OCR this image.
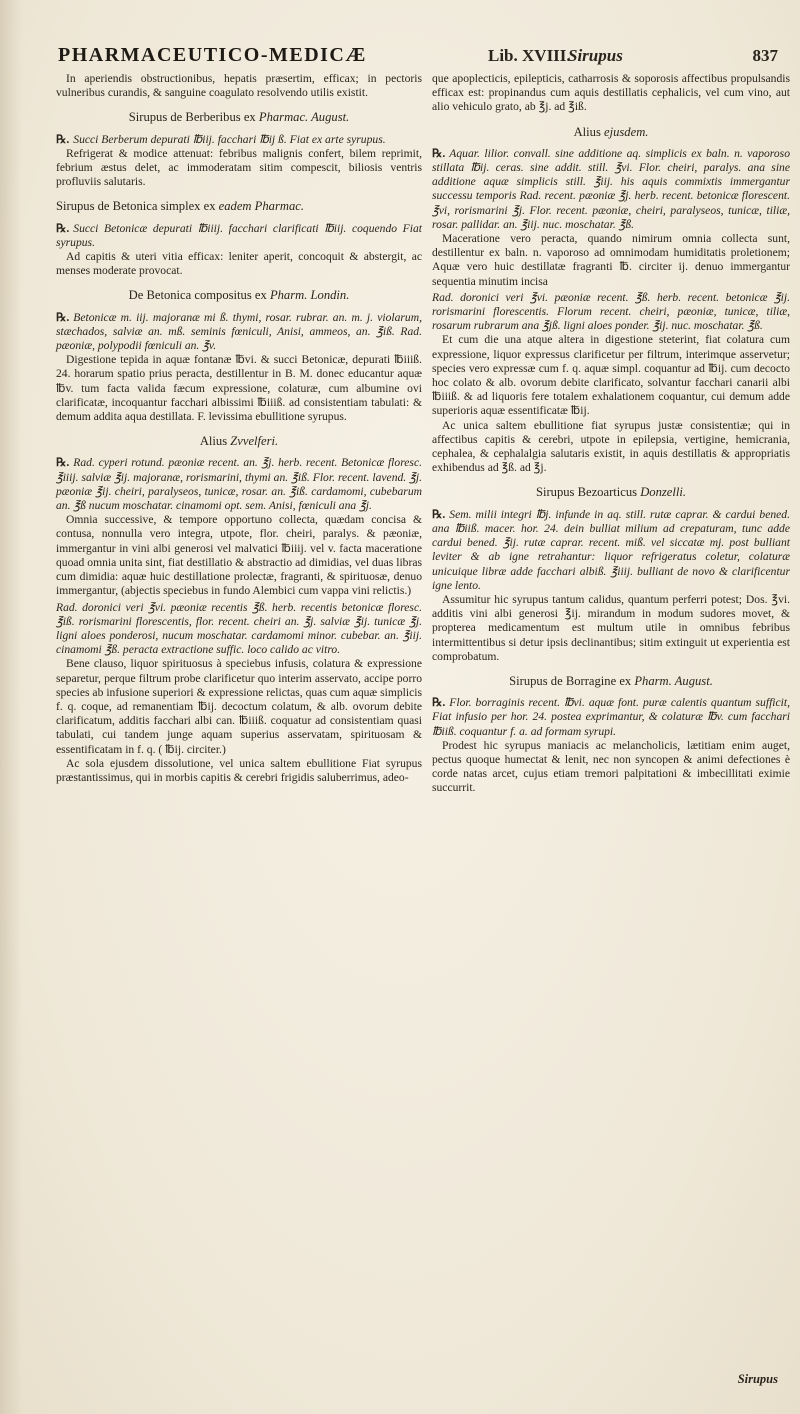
PHARMACEUTICO-MEDICÆ	Lib. XVIII.
Sirupus	837

In aperiendis obstructionibus, hepatis præsertim, efficax; in pectoris vulneribus curandis, & sanguine coagulato resolvendo utilis existit.

Sirupus de Berberibus ex Pharmac. August.

℞. Succi Berberum depurati ℔iij. facchari ℔ij ß. Fiat ex arte syrupus.

Refrigerat & modice attenuat: febribus malignis confert, bilem reprimit, febrium æstus delet, ac immoderatam sitim compescit, biliosis ventris profluviis salutaris.

Sirupus de Betonica simplex ex eadem Pharmac.

℞. Succi Betonicæ depurati ℔iiij. facchari clarificati ℔iij. coquendo Fiat syrupus.

Ad capitis & uteri vitia efficax: leniter aperit, concoquit & abstergit, ac menses moderate provocat.

De Betonica compositus ex Pharm. Londin.

℞. Betonicæ m. iij. majoranæ mi ß. thymi, rosar. rubrar. an. m. j. violarum, stæchados, salviæ an. mß. seminis fœniculi, Anisi, ammeos, an. ℥iß. Rad. pæoniæ, polypodii fœniculi an. ℥v.

Digestione tepida in aquæ fontanæ ℔vi. & succi Betonicæ, depurati ℔iiiß. 24. horarum spatio prius peracta, destillentur in B. M. donec educantur aquæ ℔v. tum facta valida fæcum expressione, colaturæ, cum albumine ovi clarificatæ, incoquantur facchari albissimi ℔iiiß. ad consistentiam tabulati: & demum addita aqua destillata. F. levissima ebullitione syrupus.

Alius Zvvelferi.

℞. Rad. cyperi rotund. pæoniæ recent. an. ℥j. herb. recent. Betonicæ floresc. ℥iiij. salviæ ℥ij. majoranæ, rorismarini, thymi an. ℥iß. Flor. recent. lavend. ℥j. pæoniæ ℥ij. cheiri, paralyseos, tunicæ, rosar. an. ℥iß. cardamomi, cubebarum an. ℥ß nucum moschatar. cinamomi opt. sem. Anisi, fœniculi ana ℥j.

Omnia successive, & tempore opportuno collecta, quædam concisa & contusa, nonnulla vero integra, utpote, flor. cheiri, paralys. & pæoniæ, immergantur in vini albi generosi vel malvatici ℔iiij. vel v. facta maceratione quoad omnia unita sint, fiat destillatio & abstractio ad dimidias, vel duas libras cum dimidia: aquæ huic destillatione prolectæ, fragranti, & spirituosæ, denuo immergantur, (abjectis speciebus in fundo Alembici cum vappa vini relictis.)

Rad. doronici veri ℥vi. pæoniæ recentis ℥ß. herb. recentis betonicæ floresc. ℥iß. rorismarini florescentis, flor. recent. cheiri an. ℥j. salviæ ℥ij. tunicæ ℥j. ligni aloes ponderosi, nucum moschatar. cardamomi minor. cubebar. an. ℥iij. cinamomi ℥ß. peracta extractione suffic. loco calido ac vitro.

Bene clauso, liquor spirituosus à speciebus infusis, colatura & expressione separetur, perque filtrum probe clarificetur quo interim asservato, accipe porro species ab infusione superiori & expressione relictas, quas cum aquæ simplicis f. q. coque, ad remanentiam ℔ij. decoctum colatum, & alb. ovorum debite clarificatum, additis facchari albi can. ℔iiiß. coquatur ad consistentiam quasi tabulati, cui tandem junge aquam superius asservatam, spirituosam & essentificatam in f. q. ( ℔ij. circiter.)

Ac sola ejusdem dissolutione, vel unica saltem ebullitione Fiat syrupus præstantissimus, qui in morbis capitis & cerebri frigidis saluberrimus, adeo-

que apoplecticis, epilepticis, catharrosis & soporosis affectibus propulsandis efficax est: propinandus cum aquis destillatis cephalicis, vel cum vino, aut alio vehiculo grato, ab ℥j. ad ℥iß.

Alius ejusdem.

℞. Aquar. lilior. convall. sine additione aq. simplicis ex baln. n. vaporoso stillata ℔ij. ceras. sine addit. still. ℥vi. Flor. cheiri, paralys. ana sine additione aquæ simplicis still. ℥iij. his aquis commixtis immergantur successu temporis Rad. recent. pæoniæ ℥j. herb. recent. betonicæ florescent. ℥vi, rorismarini ℥j. Flor. recent. pæoniæ, cheiri, paralyseos, tunicæ, tiliæ, rosar. pallidar. an. ℥iij. nuc. moschatar. ℥ß.

Maceratione vero peracta, quando nimirum omnia collecta sunt, destillentur ex baln. n. vaporoso ad omnimodam humiditatis proletionem; Aquæ vero huic destillatæ fragranti ℔. circiter ij. denuo immergantur sequentia minutim incisa

Rad. doronici veri ℥vi. pæoniæ recent. ℥ß. herb. recent. betonicæ ℥ij. rorismarini florescentis. Florum recent. cheiri, pæoniæ, tunicæ, tiliæ, rosarum rubrarum ana ℥jß. ligni aloes ponder. ℥ij. nuc. moschatar. ℥ß.

Et cum die una atque altera in digestione steterint, fiat colatura cum expressione, liquor expressus clarificetur per filtrum, interimque asservetur; species vero expressæ cum f. q. aquæ simpl. coquantur ad ℔ij. cum decocto hoc colato & alb. ovorum debite clarificato, solvantur facchari canarii albi ℔iiiß. & ad liquoris fere totalem exhalationem coquantur, cui demum adde superioris aquæ essentificatæ ℔ij.

Ac unica saltem ebullitione fiat syrupus justæ consistentiæ; qui in affectibus capitis & cerebri, utpote in epilepsia, vertigine, hemicrania, cephalea, & cephalalgia salutaris existit, in aquis destillatis & appropriatis exhibendus ad ℥ß. ad ℥j.

Sirupus Bezoarticus Donzelli.

℞. Sem. milii integri ℔j. infunde in aq. still. rutæ caprar. & cardui bened. ana ℔iiß. macer. hor. 24. dein bulliat milium ad crepaturam, tunc adde cardui bened. ℥ij. rutæ caprar. recent. miß. vel siccatæ mj. post bulliant leviter & ab igne retrahantur: liquor refrigeratus coletur, colaturæ unicuique libræ adde facchari albiß. ℥iiij. bulliant de novo & clarificentur igne lento.

Assumitur hic syrupus tantum calidus, quantum perferri potest; Dos. ℥vi. additis vini albi generosi ℥ij. mirandum in modum sudores movet, & propterea medicamentum est multum utile in omnibus febribus intermittentibus si detur ipsis declinantibus; sitim extinguit ut experientia est comprobatum.

Sirupus de Borragine ex Pharm. August.

℞. Flor. borraginis recent. ℔vi. aquæ font. puræ calentis quantum sufficit, Fiat infusio per hor. 24. postea exprimantur, & colaturæ ℔v. cum facchari ℔iiß. coquantur f. a. ad formam syrupi.

Prodest hic syrupus maniacis ac melancholicis, lætitiam enim auget, pectus quoque humectat & lenit, nec non syncopen & animi defectiones è corde natas arcet, cujus etiam tremori palpitationi & imbecillitati eximie succurrit.

Sirupus
